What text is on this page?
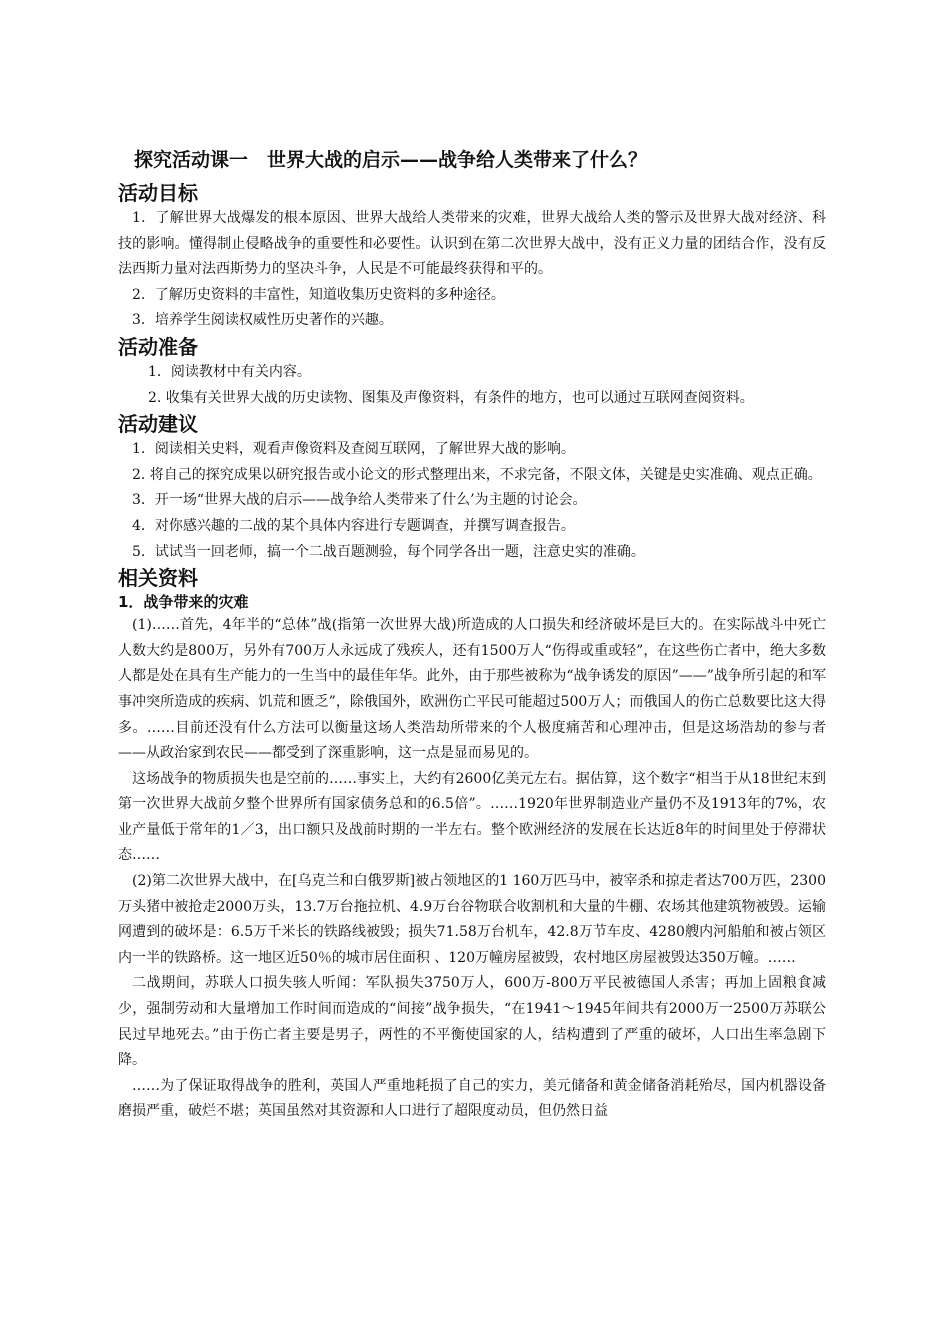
探究活动课一　世界大战的启示——战争给人类带来了什么？
活动目标

1．了解世界大战爆发的根本原因、世界大战给人类带来的灾难，世界大战给人类的警示及世界大战对经济、科技的影响。懂得制止侵略战争的重要性和必要性。认识到在第二次世界大战中，没有正义力量的团结合作，没有反法西斯力量对法西斯势力的坚决斗争，人民是不可能最终获得和平的。

2．了解历史资料的丰富性，知道收集历史资料的多种途径。

3．培养学生阅读权威性历史著作的兴趣。

活动准备

1．阅读教材中有关内容。

2. 收集有关世界大战的历史读物、图集及声像资料，有条件的地方，也可以通过互联网查阅资料。

活动建议

1．阅读相关史料，观看声像资料及查阅互联网，了解世界大战的影响。

2. 将自己的探究成果以研究报告或小论文的形式整理出来，不求完备，不限文体，关键是史实准确、观点正确。

3．开一场“世界大战的启示——战争给人类带来了什么’为主题的讨论会。

4．对你感兴趣的二战的某个具体内容进行专题调查，并撰写调查报告。

5．试试当一回老师，搞一个二战百题测验，每个同学各出一题，注意史实的准确。

相关资料
1．战争带来的灾难

(1)……首先，4年半的“总体”战(指第一次世界大战)所造成的人口损失和经济破坏是巨大的。在实际战斗中死亡人数大约是800万，另外有700万人永远成了残疾人，还有1500万人“伤得或重或轻”，在这些伤亡者中，绝大多数人都是处在具有生产能力的一生当中的最佳年华。此外，由于那些被称为“战争诱发的原因”——”战争所引起的和军事冲突所造成的疾病、饥荒和匮乏”，除俄国外，欧洲伤亡平民可能超过500万人；而俄国人的伤亡总数要比这大得多。……目前还没有什么方法可以衡量这场人类浩劫所带来的个人极度痛苦和心理冲击，但是这场浩劫的参与者——从政治家到农民——都受到了深重影响，这一点是显而易见的。

这场战争的物质损失也是空前的……事实上，大约有2600亿美元左右。据估算，这个数字“相当于从18世纪末到第一次世界大战前夕整个世界所有国家债务总和的6.5倍”。……1920年世界制造业产量仍不及1913年的7%，农业产量低于常年的1／3，出口额只及战前时期的一半左右。整个欧洲经济的发展在长达近8年的时间里处于停滞状态……

(2)第二次世界大战中，在[乌克兰和白俄罗斯]被占领地区的1 160万匹马中，被宰杀和掠走者达700万匹，2300万头猪中被抢走2000万头，13.7万台拖拉机、4.9万台谷物联合收割机和大量的牛棚、农场其他建筑物被毁。运输网遭到的破坏是：6.5万千米长的铁路线被毁；损失71.58万台机车，42.8万节车皮、4280艘内河船舶和被占领区内一半的铁路桥。这一地区近50％的城市居住面积 、120万幢房屋被毁，农村地区房屋被毁达350万幢。……

二战期间，苏联人口损失骇人听闻：军队损失3750万人，600万-800万平民被德国人杀害；再加上固粮食减少，强制劳动和大量增加工作时间而造成的“间接”战争损失，“在1941～1945年间共有2000万一2500万苏联公民过早地死去。”由于伤亡者主要是男子，两性的不平衡使国家的人，结构遭到了严重的破坏，人口出生率急剧下降。

……为了保证取得战争的胜利，英国人严重地耗损了自己的实力，美元储备和黄金储备消耗殆尽，国内机器设备磨损严重，破烂不堪；英国虽然对其资源和人口进行了超限度动员，但仍然日益
